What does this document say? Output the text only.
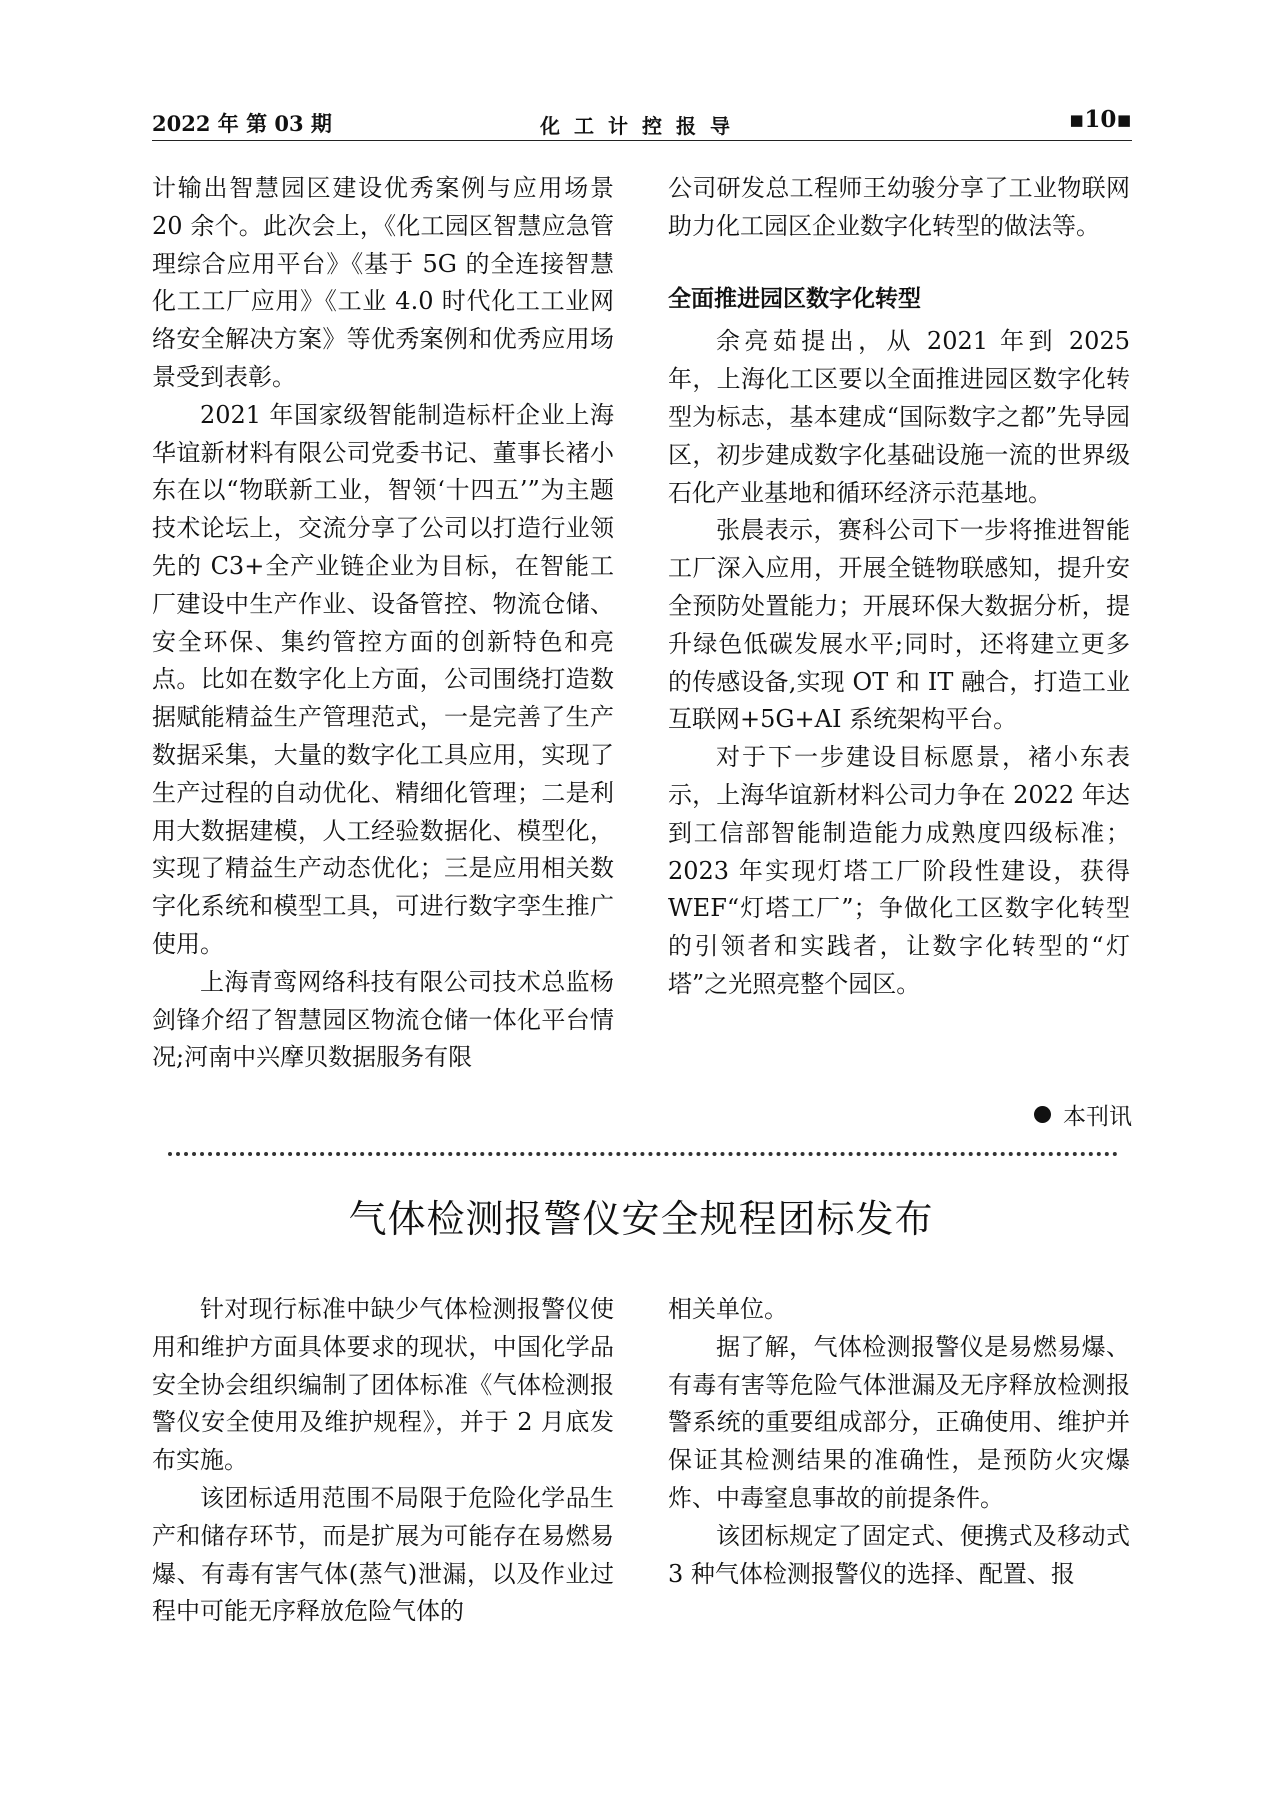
2022 年 第 03 期	化工计控报导	▪10▪

计输出智慧园区建设优秀案例与应用场景 20 余个。此次会上，《化工园区智慧应急管理综合应用平台》《基于 5G 的全连接智慧化工工厂应用》《工业 4.0 时代化工工业网络安全解决方案》等优秀案例和优秀应用场景受到表彰。

2021 年国家级智能制造标杆企业上海华谊新材料有限公司党委书记、董事长褚小东在以“物联新工业，智领‘十四五’”为主题技术论坛上，交流分享了公司以打造行业领先的 C3+全产业链企业为目标，在智能工厂建设中生产作业、设备管控、物流仓储、安全环保、集约管控方面的创新特色和亮点。比如在数字化上方面，公司围绕打造数据赋能精益生产管理范式，一是完善了生产数据采集，大量的数字化工具应用，实现了生产过程的自动优化、精细化管理；二是利用大数据建模，人工经验数据化、模型化，实现了精益生产动态优化；三是应用相关数字化系统和模型工具，可进行数字孪生推广使用。

上海青鸾网络科技有限公司技术总监杨剑锋介绍了智慧园区物流仓储一体化平台情况;河南中兴摩贝数据服务有限

公司研发总工程师王幼骏分享了工业物联网助力化工园区企业数字化转型的做法等。

全面推进园区数字化转型

余亮茹提出，从 2021 年到 2025 年，上海化工区要以全面推进园区数字化转型为标志，基本建成“国际数字之都”先导园区，初步建成数字化基础设施一流的世界级石化产业基地和循环经济示范基地。

张晨表示，赛科公司下一步将推进智能工厂深入应用，开展全链物联感知，提升安全预防处置能力；开展环保大数据分析，提升绿色低碳发展水平;同时，还将建立更多的传感设备,实现 OT 和 IT 融合，打造工业互联网+5G+AI 系统架构平台。

对于下一步建设目标愿景，褚小东表示，上海华谊新材料公司力争在 2022 年达到工信部智能制造能力成熟度四级标准；2023 年实现灯塔工厂阶段性建设，获得 WEF“灯塔工厂”；争做化工区数字化转型的引领者和实践者，让数字化转型的“灯塔”之光照亮整个园区。

本刊讯
气体检测报警仪安全规程团标发布

针对现行标准中缺少气体检测报警仪使用和维护方面具体要求的现状，中国化学品安全协会组织编制了团体标准《气体检测报警仪安全使用及维护规程》，并于 2 月底发布实施。

该团标适用范围不局限于危险化学品生产和储存环节，而是扩展为可能存在易燃易爆、有毒有害气体(蒸气)泄漏，以及作业过程中可能无序释放危险气体的

相关单位。

据了解，气体检测报警仪是易燃易爆、有毒有害等危险气体泄漏及无序释放检测报警系统的重要组成部分，正确使用、维护并保证其检测结果的准确性，是预防火灾爆炸、中毒窒息事故的前提条件。

该团标规定了固定式、便携式及移动式 3 种气体检测报警仪的选择、配置、报
